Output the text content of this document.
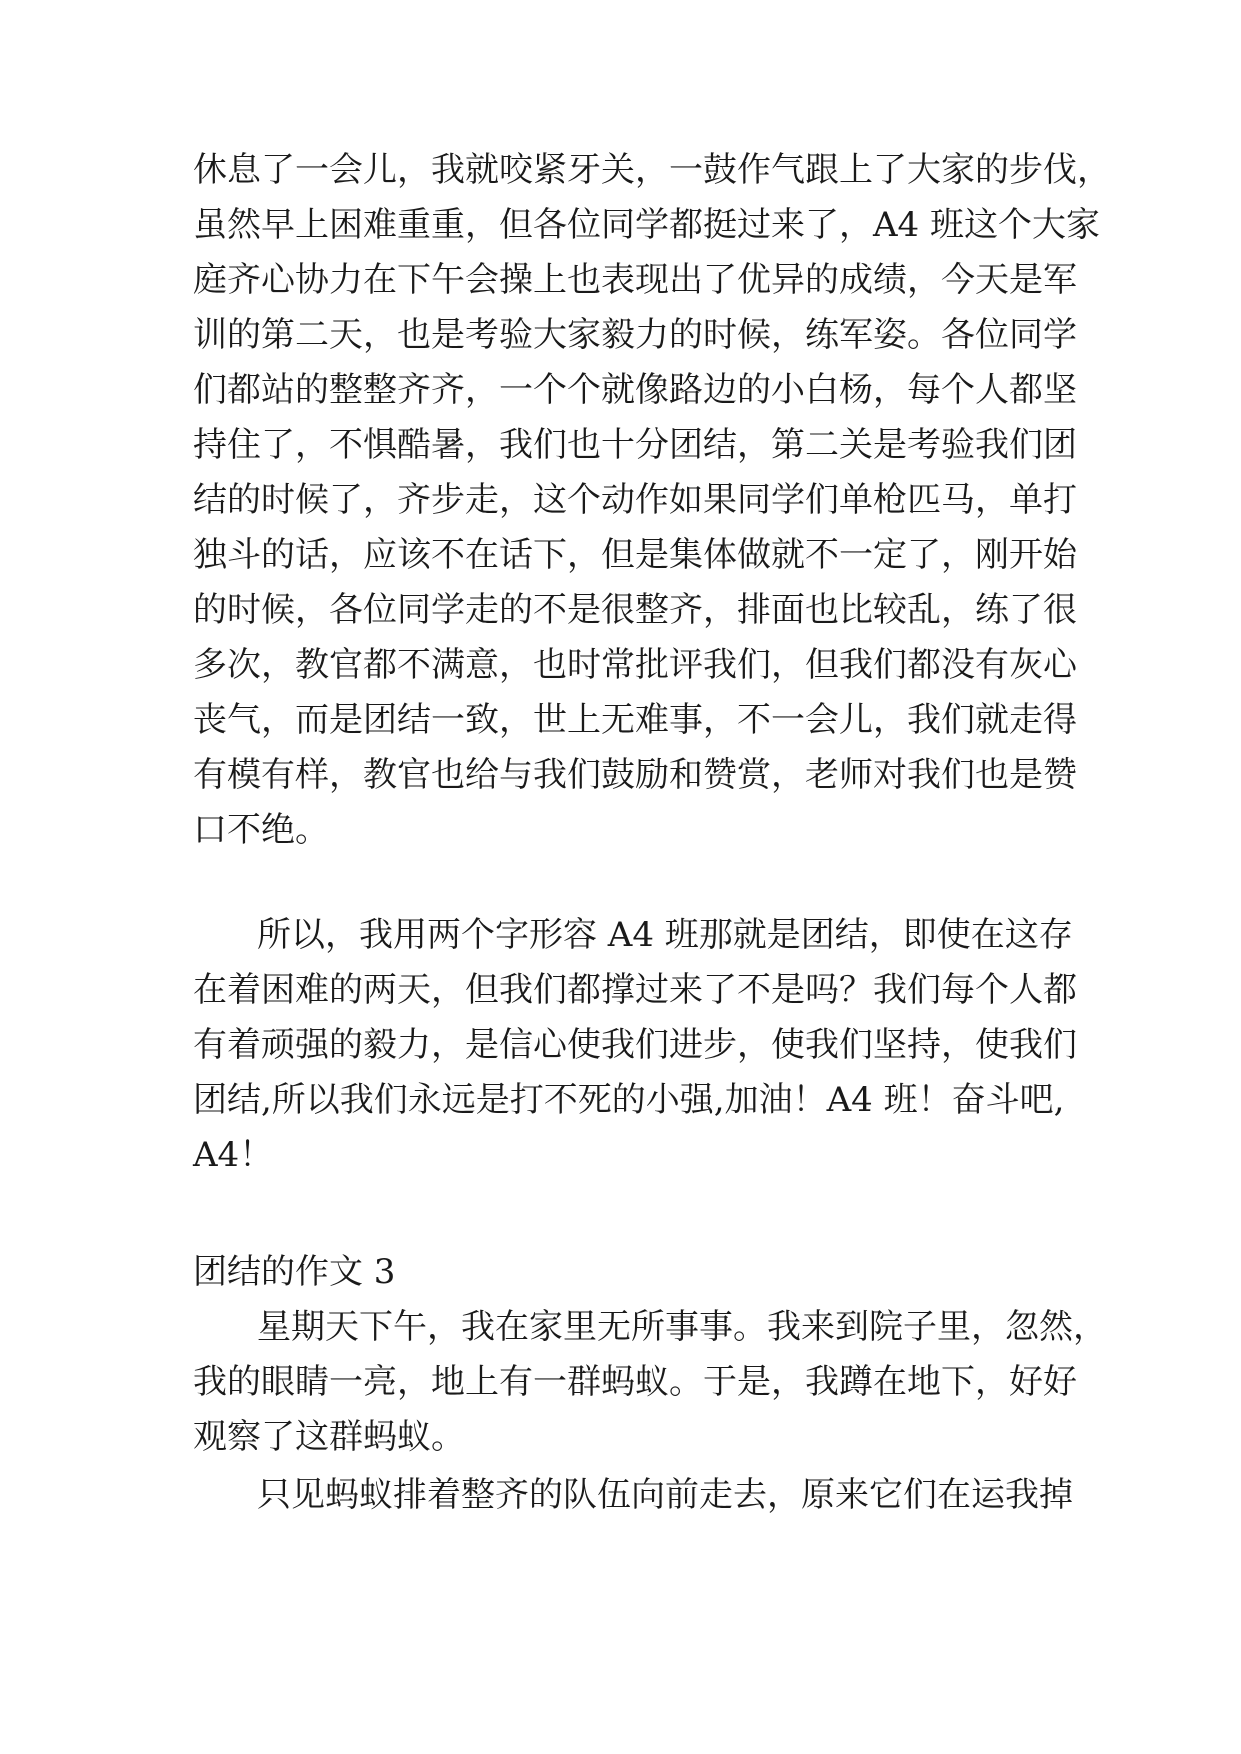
休息了一会儿，我就咬紧牙关，一鼓作气跟上了大家的步伐，
虽然早上困难重重，但各位同学都挺过来了，A4 班这个大家
庭齐心协力在下午会操上也表现出了优异的成绩，今天是军
训的第二天，也是考验大家毅力的时候，练军姿。各位同学
们都站的整整齐齐，一个个就像路边的小白杨，每个人都坚
持住了，不惧酷暑，我们也十分团结，第二关是考验我们团
结的时候了，齐步走，这个动作如果同学们单枪匹马，单打
独斗的话，应该不在话下，但是集体做就不一定了，刚开始
的时候，各位同学走的不是很整齐，排面也比较乱，练了很
多次，教官都不满意，也时常批评我们，但我们都没有灰心
丧气，而是团结一致，世上无难事，不一会儿，我们就走得
有模有样，教官也给与我们鼓励和赞赏，老师对我们也是赞
口不绝。
所以，我用两个字形容 A4 班那就是团结，即使在这存
在着困难的两天，但我们都撑过来了不是吗？我们每个人都
有着顽强的毅力，是信心使我们进步，使我们坚持，使我们
团结,所以我们永远是打不死的小强,加油！A4 班！奋斗吧,
A4！
团结的作文 3
星期天下午，我在家里无所事事。我来到院子里，忽然，
我的眼睛一亮，地上有一群蚂蚁。于是，我蹲在地下，好好
观察了这群蚂蚁。
只见蚂蚁排着整齐的队伍向前走去，原来它们在运我掉
